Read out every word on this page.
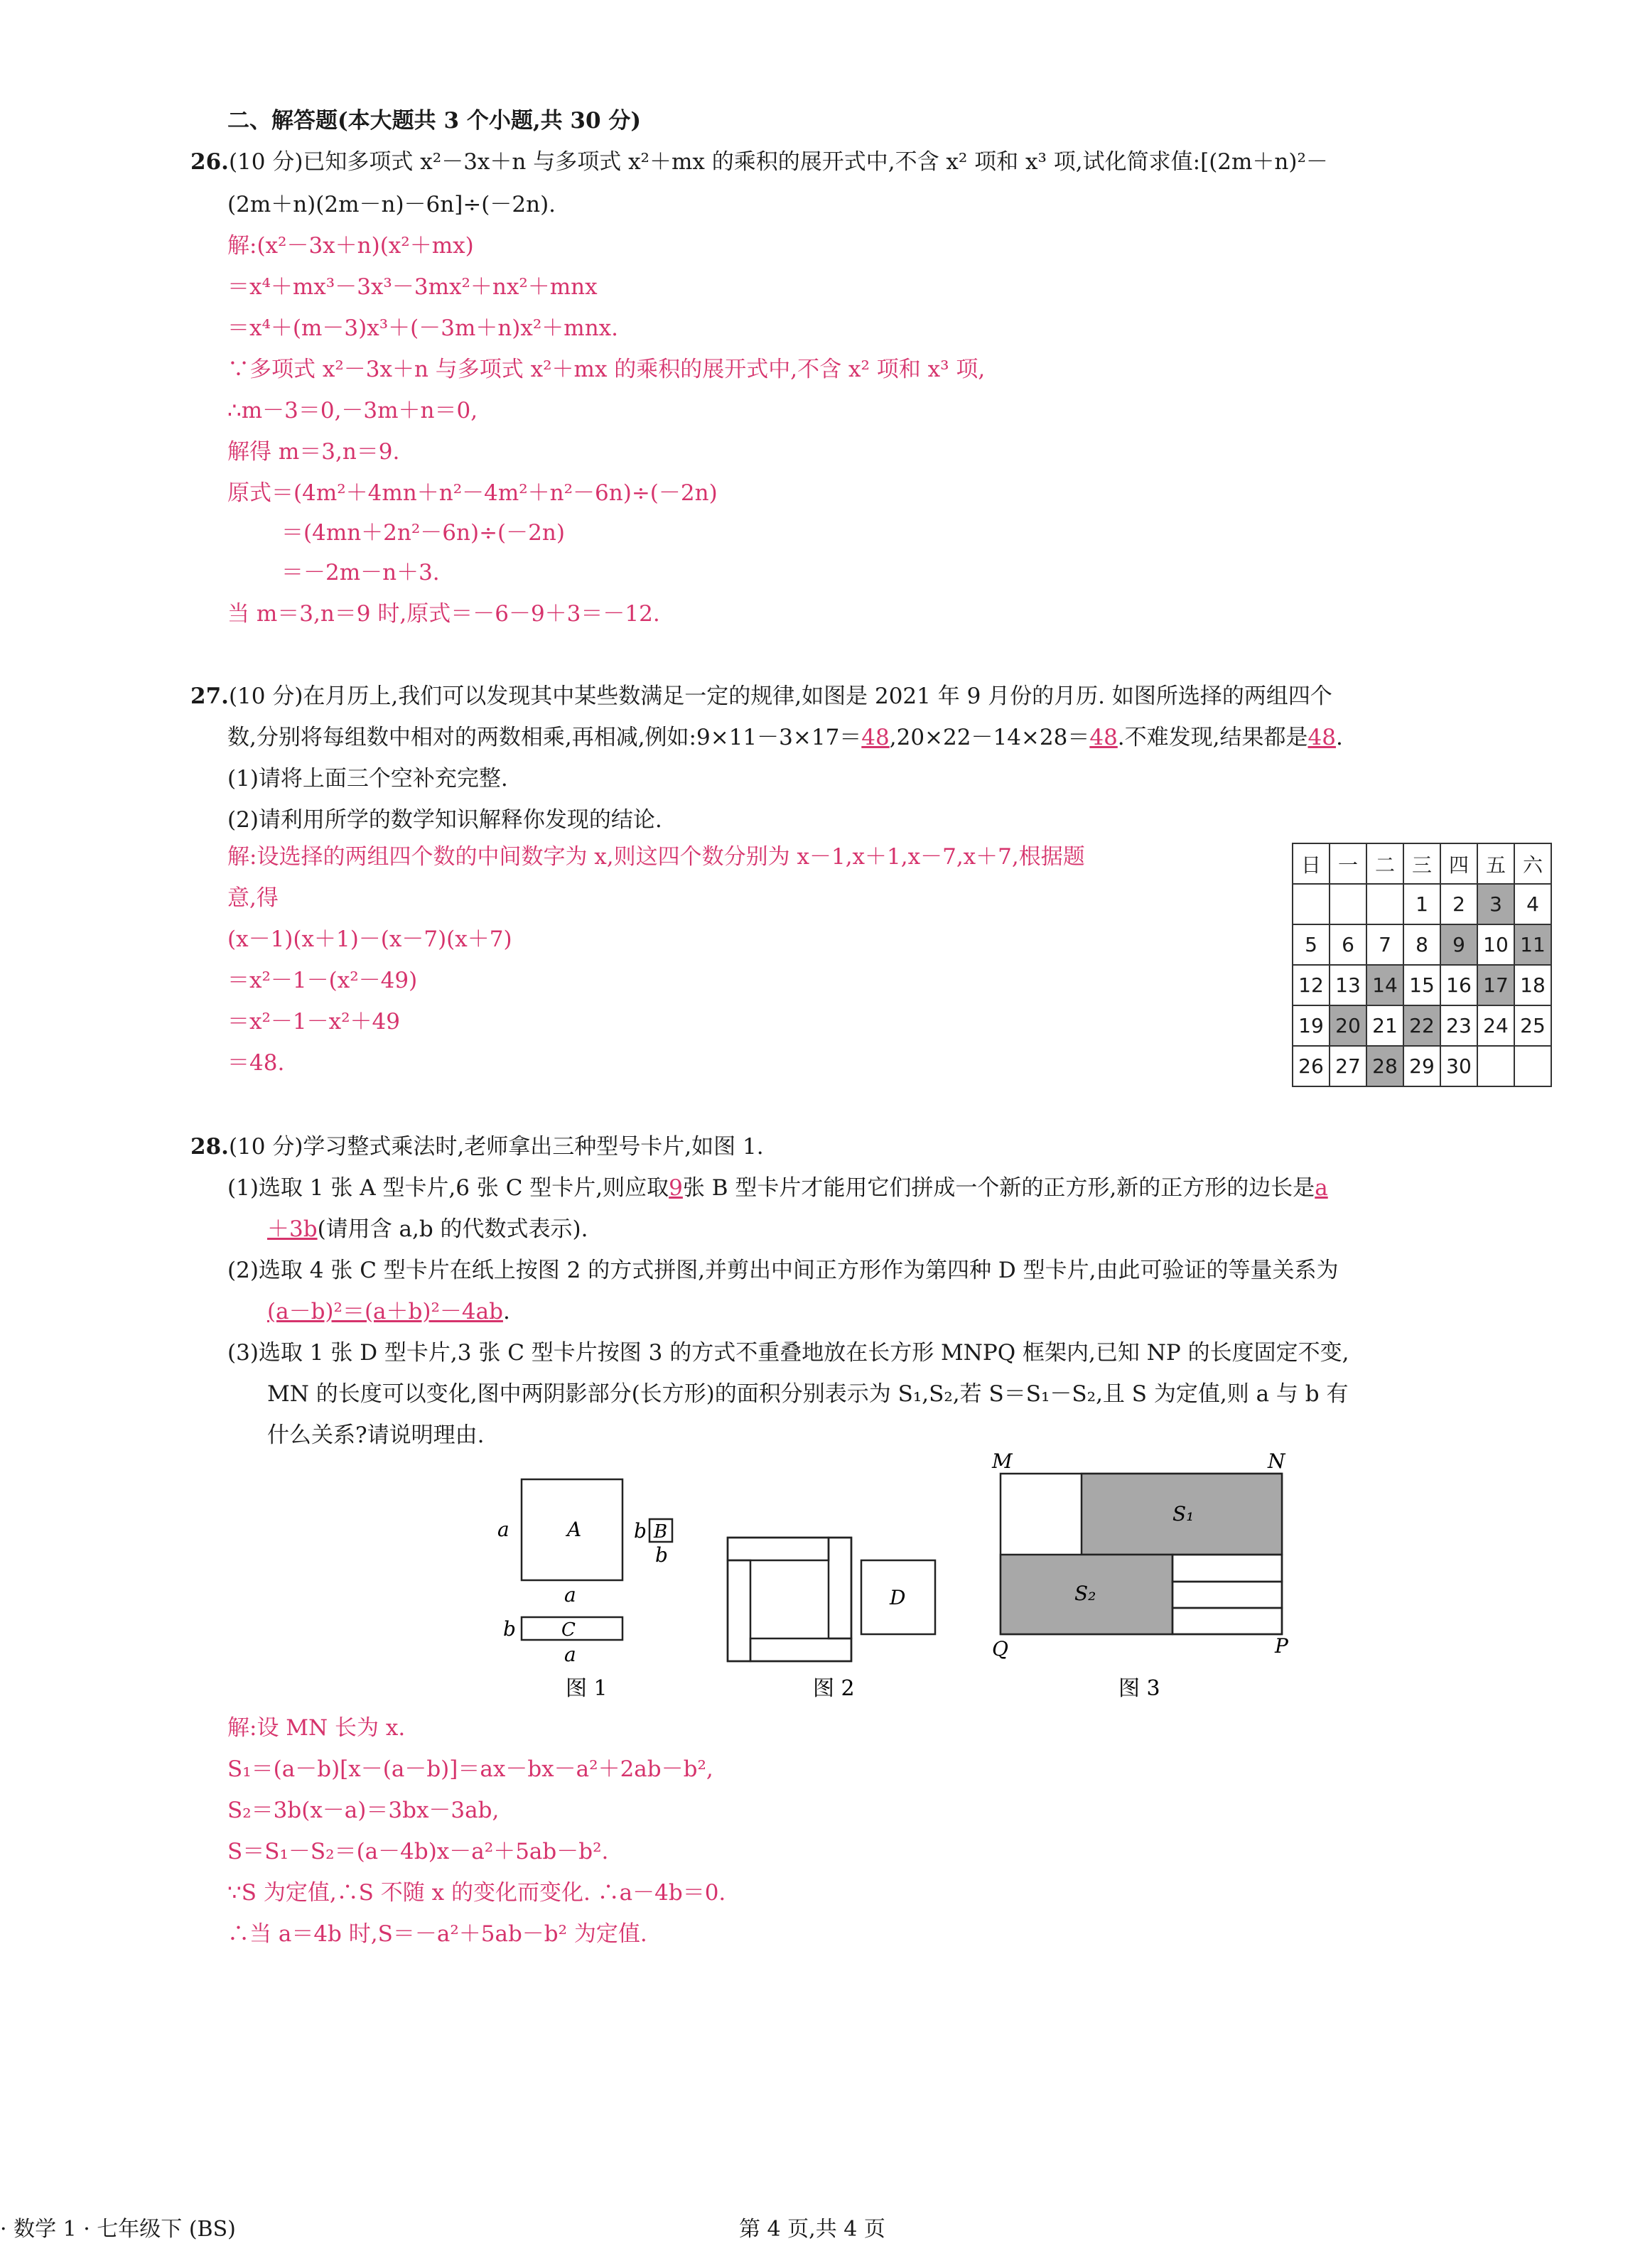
二、解答题(本大题共 3 个小题,共 30 分)
26.(10 分)已知多项式 x²－3x＋n 与多项式 x²＋mx 的乘积的展开式中,不含 x² 项和 x³ 项,试化简求值:[(2m＋n)²－
(2m＋n)(2m－n)－6n]÷(－2n).
解:(x²－3x＋n)(x²＋mx)
＝x⁴＋mx³－3x³－3mx²＋nx²＋mnx
＝x⁴＋(m－3)x³＋(－3m＋n)x²＋mnx.
∵多项式 x²－3x＋n 与多项式 x²＋mx 的乘积的展开式中,不含 x² 项和 x³ 项,
∴m－3＝0,－3m＋n＝0,
解得 m＝3,n＝9.
原式＝(4m²＋4mn＋n²－4m²＋n²－6n)÷(－2n)
＝(4mn＋2n²－6n)÷(－2n)
＝－2m－n＋3.
当 m＝3,n＝9 时,原式＝－6－9＋3＝－12.
27.(10 分)在月历上,我们可以发现其中某些数满足一定的规律,如图是 2021 年 9 月份的月历. 如图所选择的两组四个
数,分别将每组数中相对的两数相乘,再相减,例如:9×11－3×17＝48,20×22－14×28＝48.不难发现,结果都是48.
(1)请将上面三个空补充完整.
(2)请利用所学的数学知识解释你发现的结论.
解:设选择的两组四个数的中间数字为 x,则这四个数分别为 x－1,x＋1,x－7,x＋7,根据题
意,得
(x－1)(x＋1)－(x－7)(x＋7)
＝x²－1－(x²－49)
＝x²－1－x²＋49
＝48.
日	一	二	三	四	五	六
			1	2	3	4
5	6	7	8	9	10	11
12	13	14	15	16	17	18
19	20	21	22	23	24	25
26	27	28	29	30		
28.(10 分)学习整式乘法时,老师拿出三种型号卡片,如图 1.
(1)选取 1 张 A 型卡片,6 张 C 型卡片,则应取9张 B 型卡片才能用它们拼成一个新的正方形,新的正方形的边长是a
＋3b(请用含 a,b 的代数式表示).
(2)选取 4 张 C 型卡片在纸上按图 2 的方式拼图,并剪出中间正方形作为第四种 D 型卡片,由此可验证的等量关系为
(a－b)²＝(a＋b)²－4ab.
(3)选取 1 张 D 型卡片,3 张 C 型卡片按图 3 的方式不重叠地放在长方形 MNPQ 框架内,已知 NP 的长度固定不变,
MN 的长度可以变化,图中两阴影部分(长方形)的面积分别表示为 S₁,S₂,若 S＝S₁－S₂,且 S 为定值,则 a 与 b 有
什么关系?请说明理由.
A
a
a
B
b
b
C
b
a
图 1
D
图 2
S₁
S₂
M	N
Q	P
图 3
解:设 MN 长为 x.
S₁＝(a－b)[x－(a－b)]＝ax－bx－a²＋2ab－b²,
S₂＝3b(x－a)＝3bx－3ab,
S＝S₁－S₂＝(a－4b)x－a²＋5ab－b².
∵S 为定值,∴S 不随 x 的变化而变化. ∴a－4b＝0.
∴当 a＝4b 时,S＝－a²＋5ab－b² 为定值.
· 数学 1 · 七年级下 (BS)	第 4 页,共 4 页
